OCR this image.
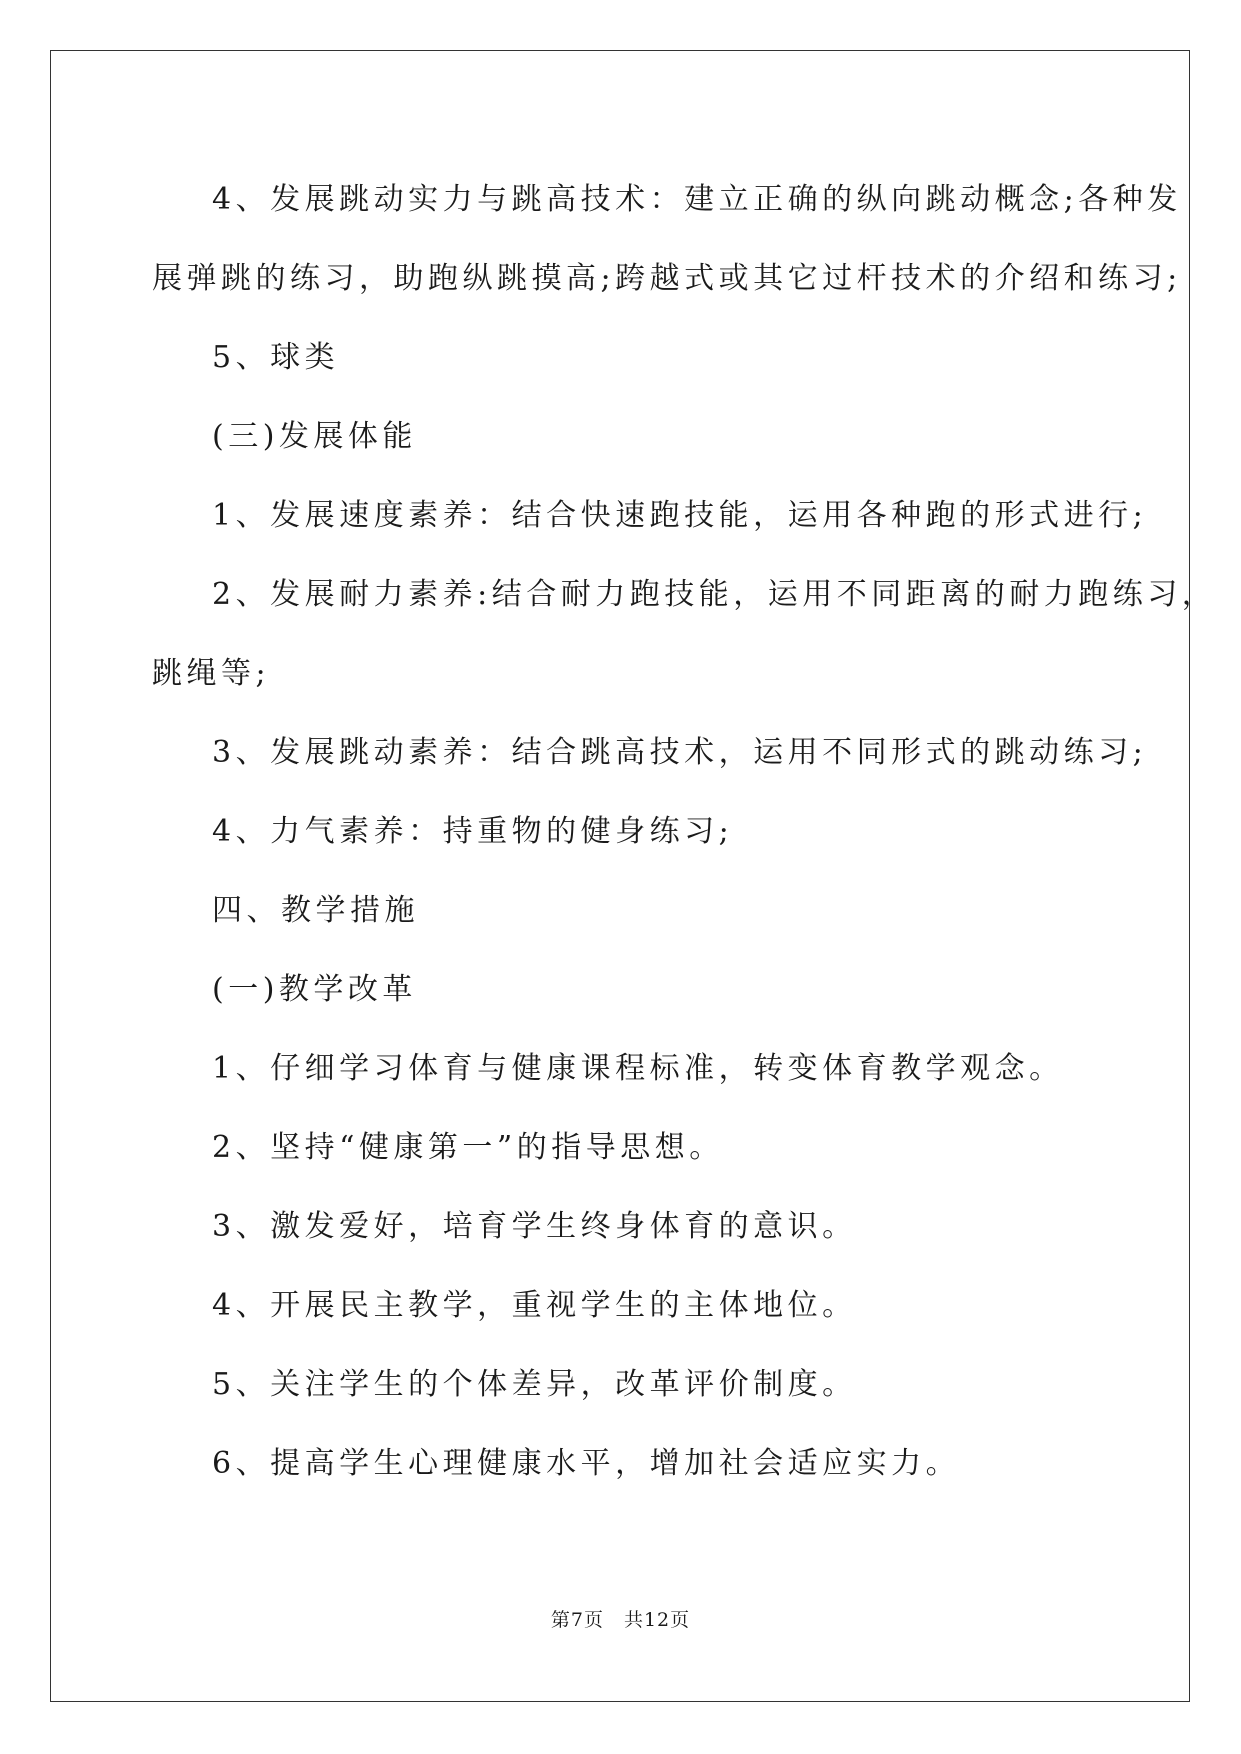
4、发展跳动实力与跳高技术：建立正确的纵向跳动概念;各种发

展弹跳的练习，助跑纵跳摸高;跨越式或其它过杆技术的介绍和练习;

5、球类

(三)发展体能

1、发展速度素养：结合快速跑技能，运用各种跑的形式进行;

2、发展耐力素养:结合耐力跑技能，运用不同距离的耐力跑练习，

跳绳等;

3、发展跳动素养：结合跳高技术，运用不同形式的跳动练习;

4、力气素养：持重物的健身练习;

四、教学措施

(一)教学改革

1、仔细学习体育与健康课程标准，转变体育教学观念。

2、坚持“健康第一”的指导思想。

3、激发爱好，培育学生终身体育的意识。

4、开展民主教学，重视学生的主体地位。

5、关注学生的个体差异，改革评价制度。

6、提高学生心理健康水平，增加社会适应实力。

第7页 共12页
